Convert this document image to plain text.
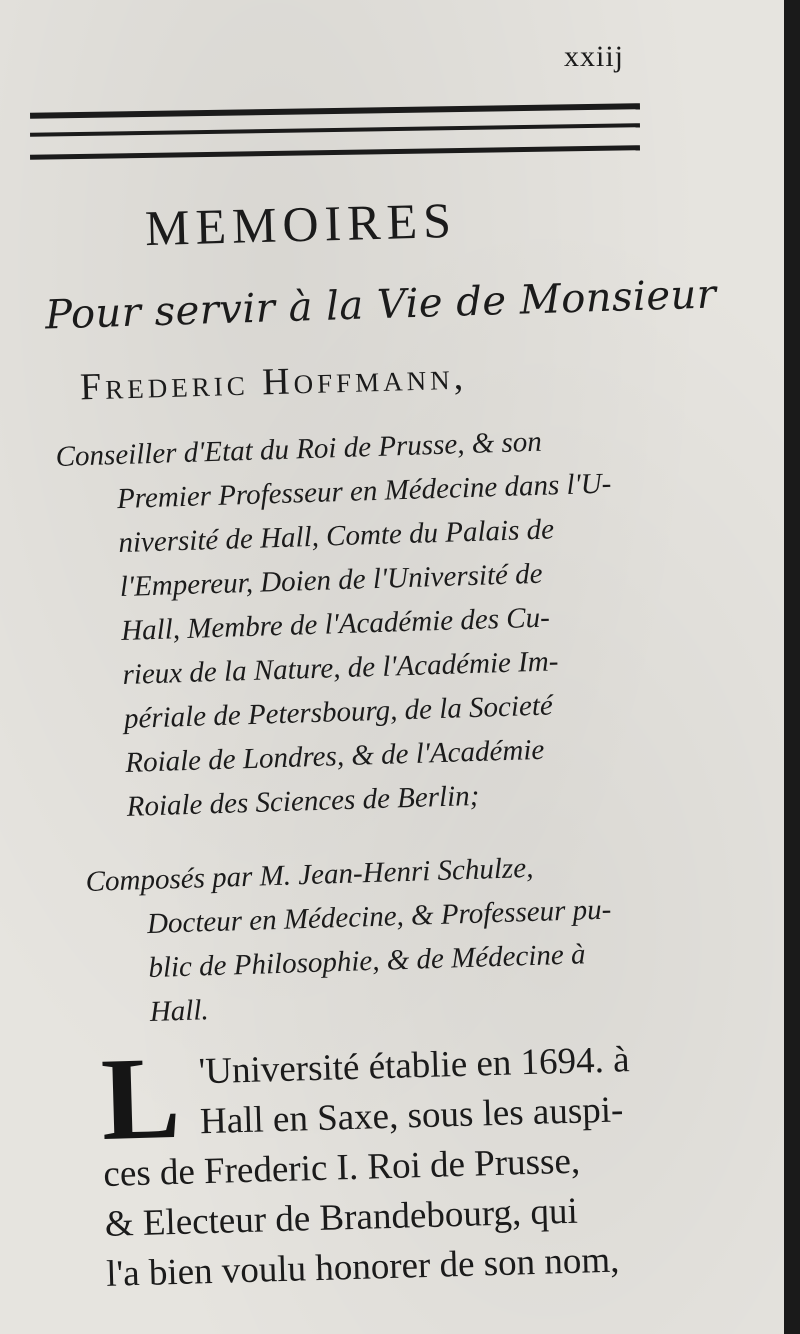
xxiij
MEMOIRES
Pour servir à la Vie de Monsieur
Frederic Hoffmann,
Conseiller d'Etat du Roi de Prusse, & son
Premier Professeur en Médecine dans l'U-
niversité de Hall, Comte du Palais de
l'Empereur, Doien de l'Université de
Hall, Membre de l'Académie des Cu-
rieux de la Nature, de l'Académie Im-
périale de Petersbourg, de la Societé
Roiale de Londres, & de l'Académie
Roiale des Sciences de Berlin;
Composés par M. Jean-Henri Schulze,
Docteur en Médecine, & Professeur pu-
blic de Philosophie, & de Médecine à
Hall.
L 'Université établie en 1694. à
Hall en Saxe, sous les auspi-
ces de Frederic I. Roi de Prusse,
& Electeur de Brandebourg, qui
l'a bien voulu honorer de son nom,
